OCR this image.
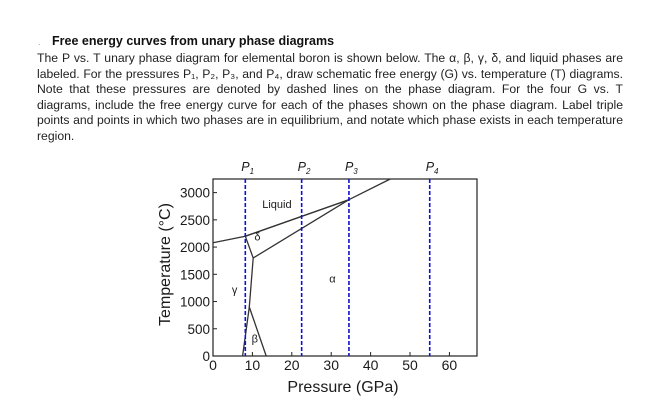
. Free energy curves from unary phase diagrams
The P vs. T unary phase diagram for elemental boron is shown below. The α, β, γ, δ, and liquid phases are labeled. For the pressures P₁, P₂, P₃, and P₄, draw schematic free energy (G) vs. temperature (T) diagrams. Note that these pressures are denoted by dashed lines on the phase diagram. For the four G vs. T diagrams, include the free energy curve for each of the phases shown on the phase diagram. Label triple points and points in which two phases are in equilibrium, and notate which phase exists in each temperature region.
0 10 20 30 40 50 60
0
500
1000
1500
2000
2500
3000
Pressure (GPa)
Temperature (°C)
$P_1$	$P_2$	$P_3$	$P_4$
Liquid
δ
α
γ
β
